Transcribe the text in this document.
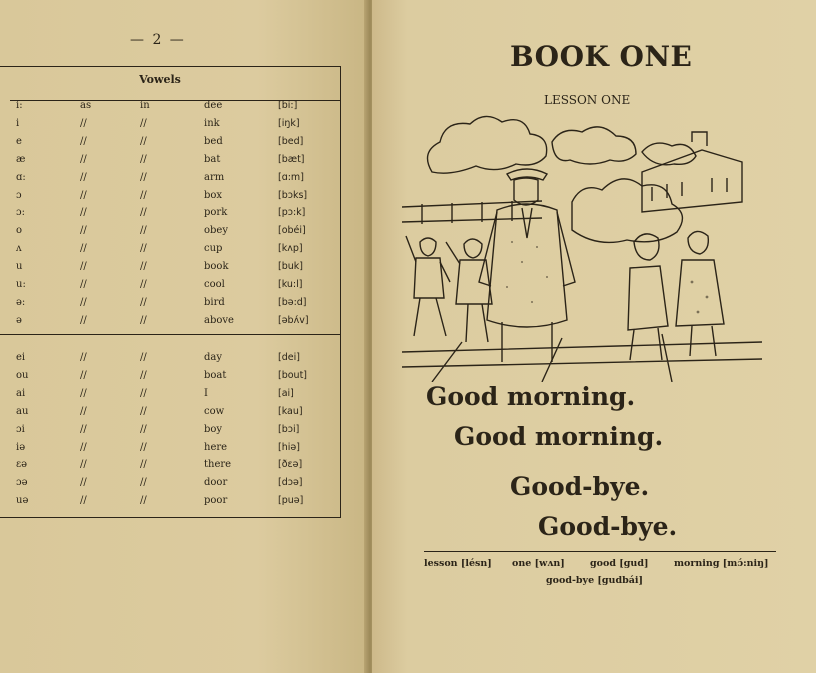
— 2 —
Vowels
i:	as	in	dee	[bi:]
i	//	//	ink	[iŋk]
e	//	//	bed	[bed]
æ	//	//	bat	[bæt]
ɑ:	//	//	arm	[ɑ:m]
ɔ	//	//	box	[bɔks]
ɔ:	//	//	pork	[pɔ:k]
o	//	//	obey	[obéi]
ʌ	//	//	cup	[kʌp]
u	//	//	book	[buk]
u:	//	//	cool	[ku:l]
ə:	//	//	bird	[bə:d]
ə	//	//	above	[əbʌ́v]
ei	//	//	day	[dei]
ou	//	//	boat	[bout]
ai	//	//	I	[ai]
au	//	//	cow	[kau]
ɔi	//	//	boy	[bɔi]
iə	//	//	here	[hiə]
ɛə	//	//	there	[ðɛə]
ɔə	//	//	door	[dɔə]
uə	//	//	poor	[puə]
BOOK ONE
LESSON ONE
Good morning.
Good morning.
Good-bye.
Good-bye.
lesson [lésn] one [wʌn]	good [gud]	morning [mɔ́:niŋ]
good-bye [gudbái]
